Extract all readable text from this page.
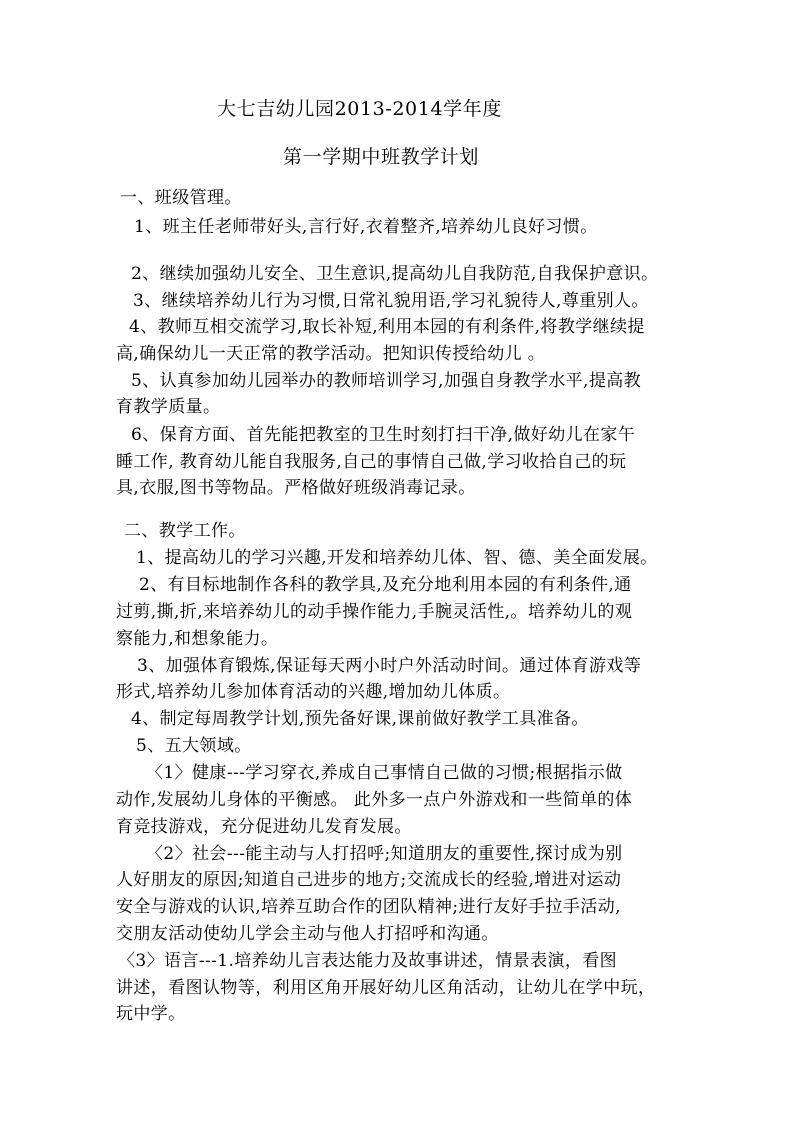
大七吉幼儿园2013-2014学年度
第一学期中班教学计划
一、班级管理。
1、班主任老师带好头,言行好,衣着整齐,培养幼儿良好习惯。
2、继续加强幼儿安全、卫生意识,提高幼儿自我防范,自我保护意识。
3、继续培养幼儿行为习惯,日常礼貌用语,学习礼貌待人,尊重别人。
4、教师互相交流学习,取长补短,利用本园的有利条件,将教学继续提
高,确保幼儿一天正常的教学活动。把知识传授给幼儿 。
5、认真参加幼儿园举办的教师培训学习,加强自身教学水平,提高教
育教学质量。
6、保育方面、首先能把教室的卫生时刻打扫干净,做好幼儿在家午
睡工作, 教育幼儿能自我服务,自己的事情自己做,学习收拾自己的玩
具,衣服,图书等物品。严格做好班级消毒记录。
二、教学工作。
1、提高幼儿的学习兴趣,开发和培养幼儿体、智、德、美全面发展。
2、有目标地制作各科的教学具,及充分地利用本园的有利条件,通
过剪,撕,折,来培养幼儿的动手操作能力,手腕灵活性,。培养幼儿的观
察能力,和想象能力。
3、加强体育锻炼,保证每天两小时户外活动时间。通过体育游戏等
形式,培养幼儿参加体育活动的兴趣,增加幼儿体质。
4、制定每周教学计划,预先备好课,课前做好教学工具准备。
5、五大领域。
〈1〉健康---学习穿衣,养成自己事情自己做的习惯;根据指示做
动作,发展幼儿身体的平衡感。 此外多一点户外游戏和一些简单的体
育竞技游戏，充分促进幼儿发育发展。
〈2〉社会---能主动与人打招呼;知道朋友的重要性,探讨成为别
人好朋友的原因;知道自己进步的地方;交流成长的经验,增进对运动
安全与游戏的认识,培养互助合作的团队精神;进行友好手拉手活动,
交朋友活动使幼儿学会主动与他人打招呼和沟通。
〈3〉语言---1.培养幼儿言表达能力及故事讲述，情景表演，看图
讲述，看图认物等，利用区角开展好幼儿区角活动，让幼儿在学中玩，
玩中学。
